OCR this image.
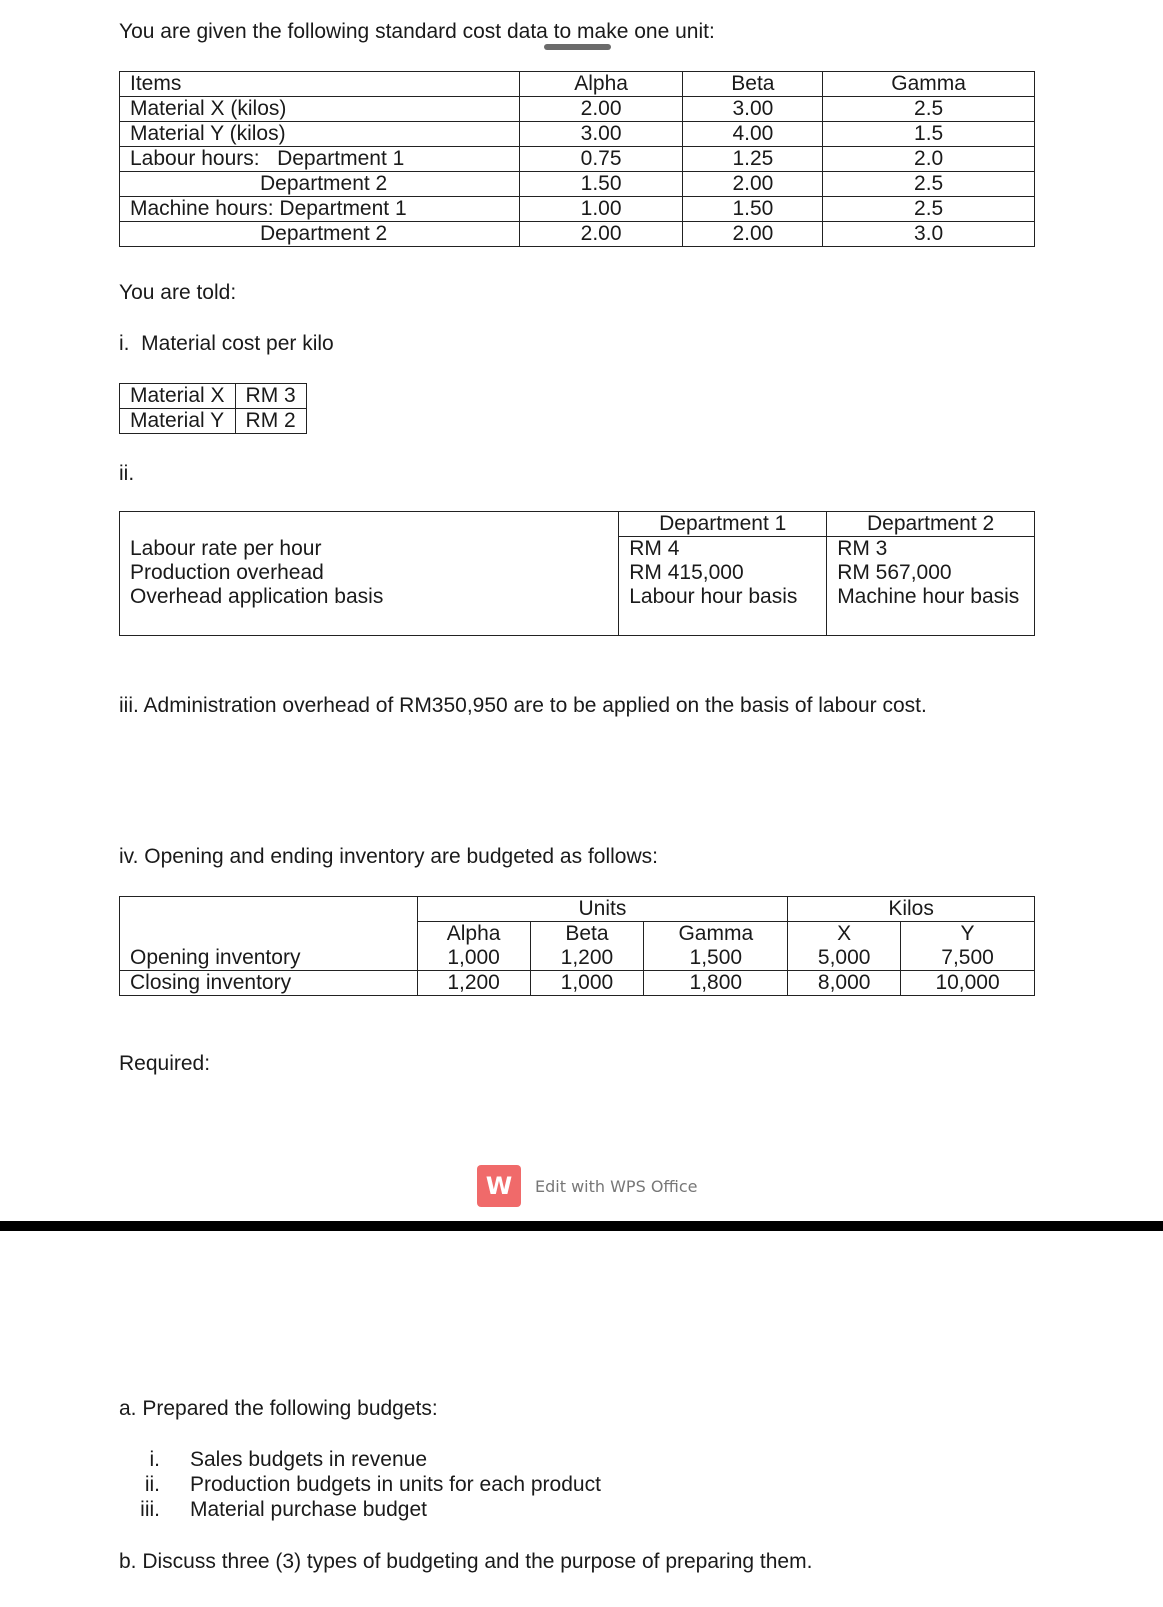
You are given the following standard cost data to make one unit:
Items	Alpha	Beta	Gamma
Material X (kilos)	2.00	3.00	2.5
Material Y (kilos)	3.00	4.00	1.5
Labour hours:   Department 1	0.75	1.25	2.0
Department 2	1.50	2.00	2.5
Machine hours: Department 1	1.00	1.50	2.5
Department 2	2.00	2.00	3.0
You are told:
i.  Material cost per kilo
Material X	RM 3
Material Y	RM 2
ii.
	Department 1	Department 2
Labour rate per hour	RM 4	RM 3
Production overhead	RM 415,000	RM 567,000
Overhead application basis	Labour hour basis	Machine hour basis
iii. Administration overhead of RM350,950 are to be applied on the basis of labour cost.
iv. Opening and ending inventory are budgeted as follows:
	Units			Kilos	
	Alpha	Beta	Gamma	X	Y
Opening inventory	1,000	1,200	1,500	5,000	7,500
Closing inventory	1,200	1,000	1,800	8,000	10,000
Required:
W	Edit with WPS Office
a. Prepared the following budgets:
i. Sales budgets in revenue
ii. Production budgets in units for each product
iii. Material purchase budget
b. Discuss three (3) types of budgeting and the purpose of preparing them.
